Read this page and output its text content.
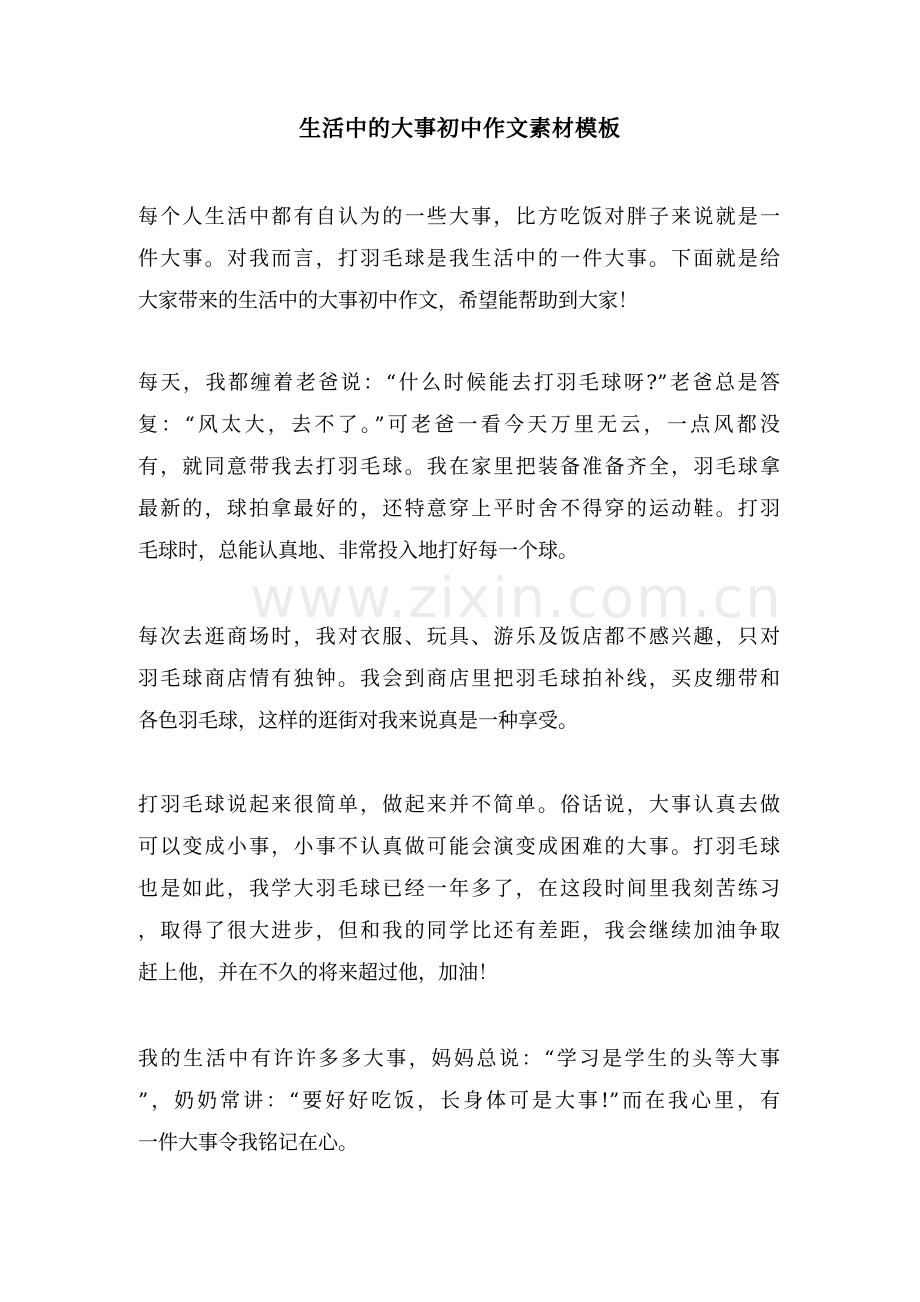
生活中的大事初中作文素材模板
www.zixin.com.cn
每个人生活中都有自认为的一些大事，比方吃饭对胖子来说就是一
件大事。对我而言，打羽毛球是我生活中的一件大事。下面就是给
大家带来的生活中的大事初中作文，希望能帮助到大家！
每天，我都缠着老爸说：“什么时候能去打羽毛球呀?”老爸总是答
复：“风太大，去不了。”可老爸一看今天万里无云，一点风都没
有，就同意带我去打羽毛球。我在家里把装备准备齐全，羽毛球拿
最新的，球拍拿最好的，还特意穿上平时舍不得穿的运动鞋。打羽
毛球时，总能认真地、非常投入地打好每一个球。
每次去逛商场时，我对衣服、玩具、游乐及饭店都不感兴趣，只对
羽毛球商店情有独钟。我会到商店里把羽毛球拍补线，买皮绷带和
各色羽毛球，这样的逛街对我来说真是一种享受。
打羽毛球说起来很简单，做起来并不简单。俗话说，大事认真去做
可以变成小事，小事不认真做可能会演变成困难的大事。打羽毛球
也是如此，我学大羽毛球已经一年多了，在这段时间里我刻苦练习
，取得了很大进步，但和我的同学比还有差距，我会继续加油争取
赶上他，并在不久的将来超过他，加油！
我的生活中有许许多多大事，妈妈总说：“学习是学生的头等大事
”，奶奶常讲：“要好好吃饭，长身体可是大事!”而在我心里，有
一件大事令我铭记在心。
